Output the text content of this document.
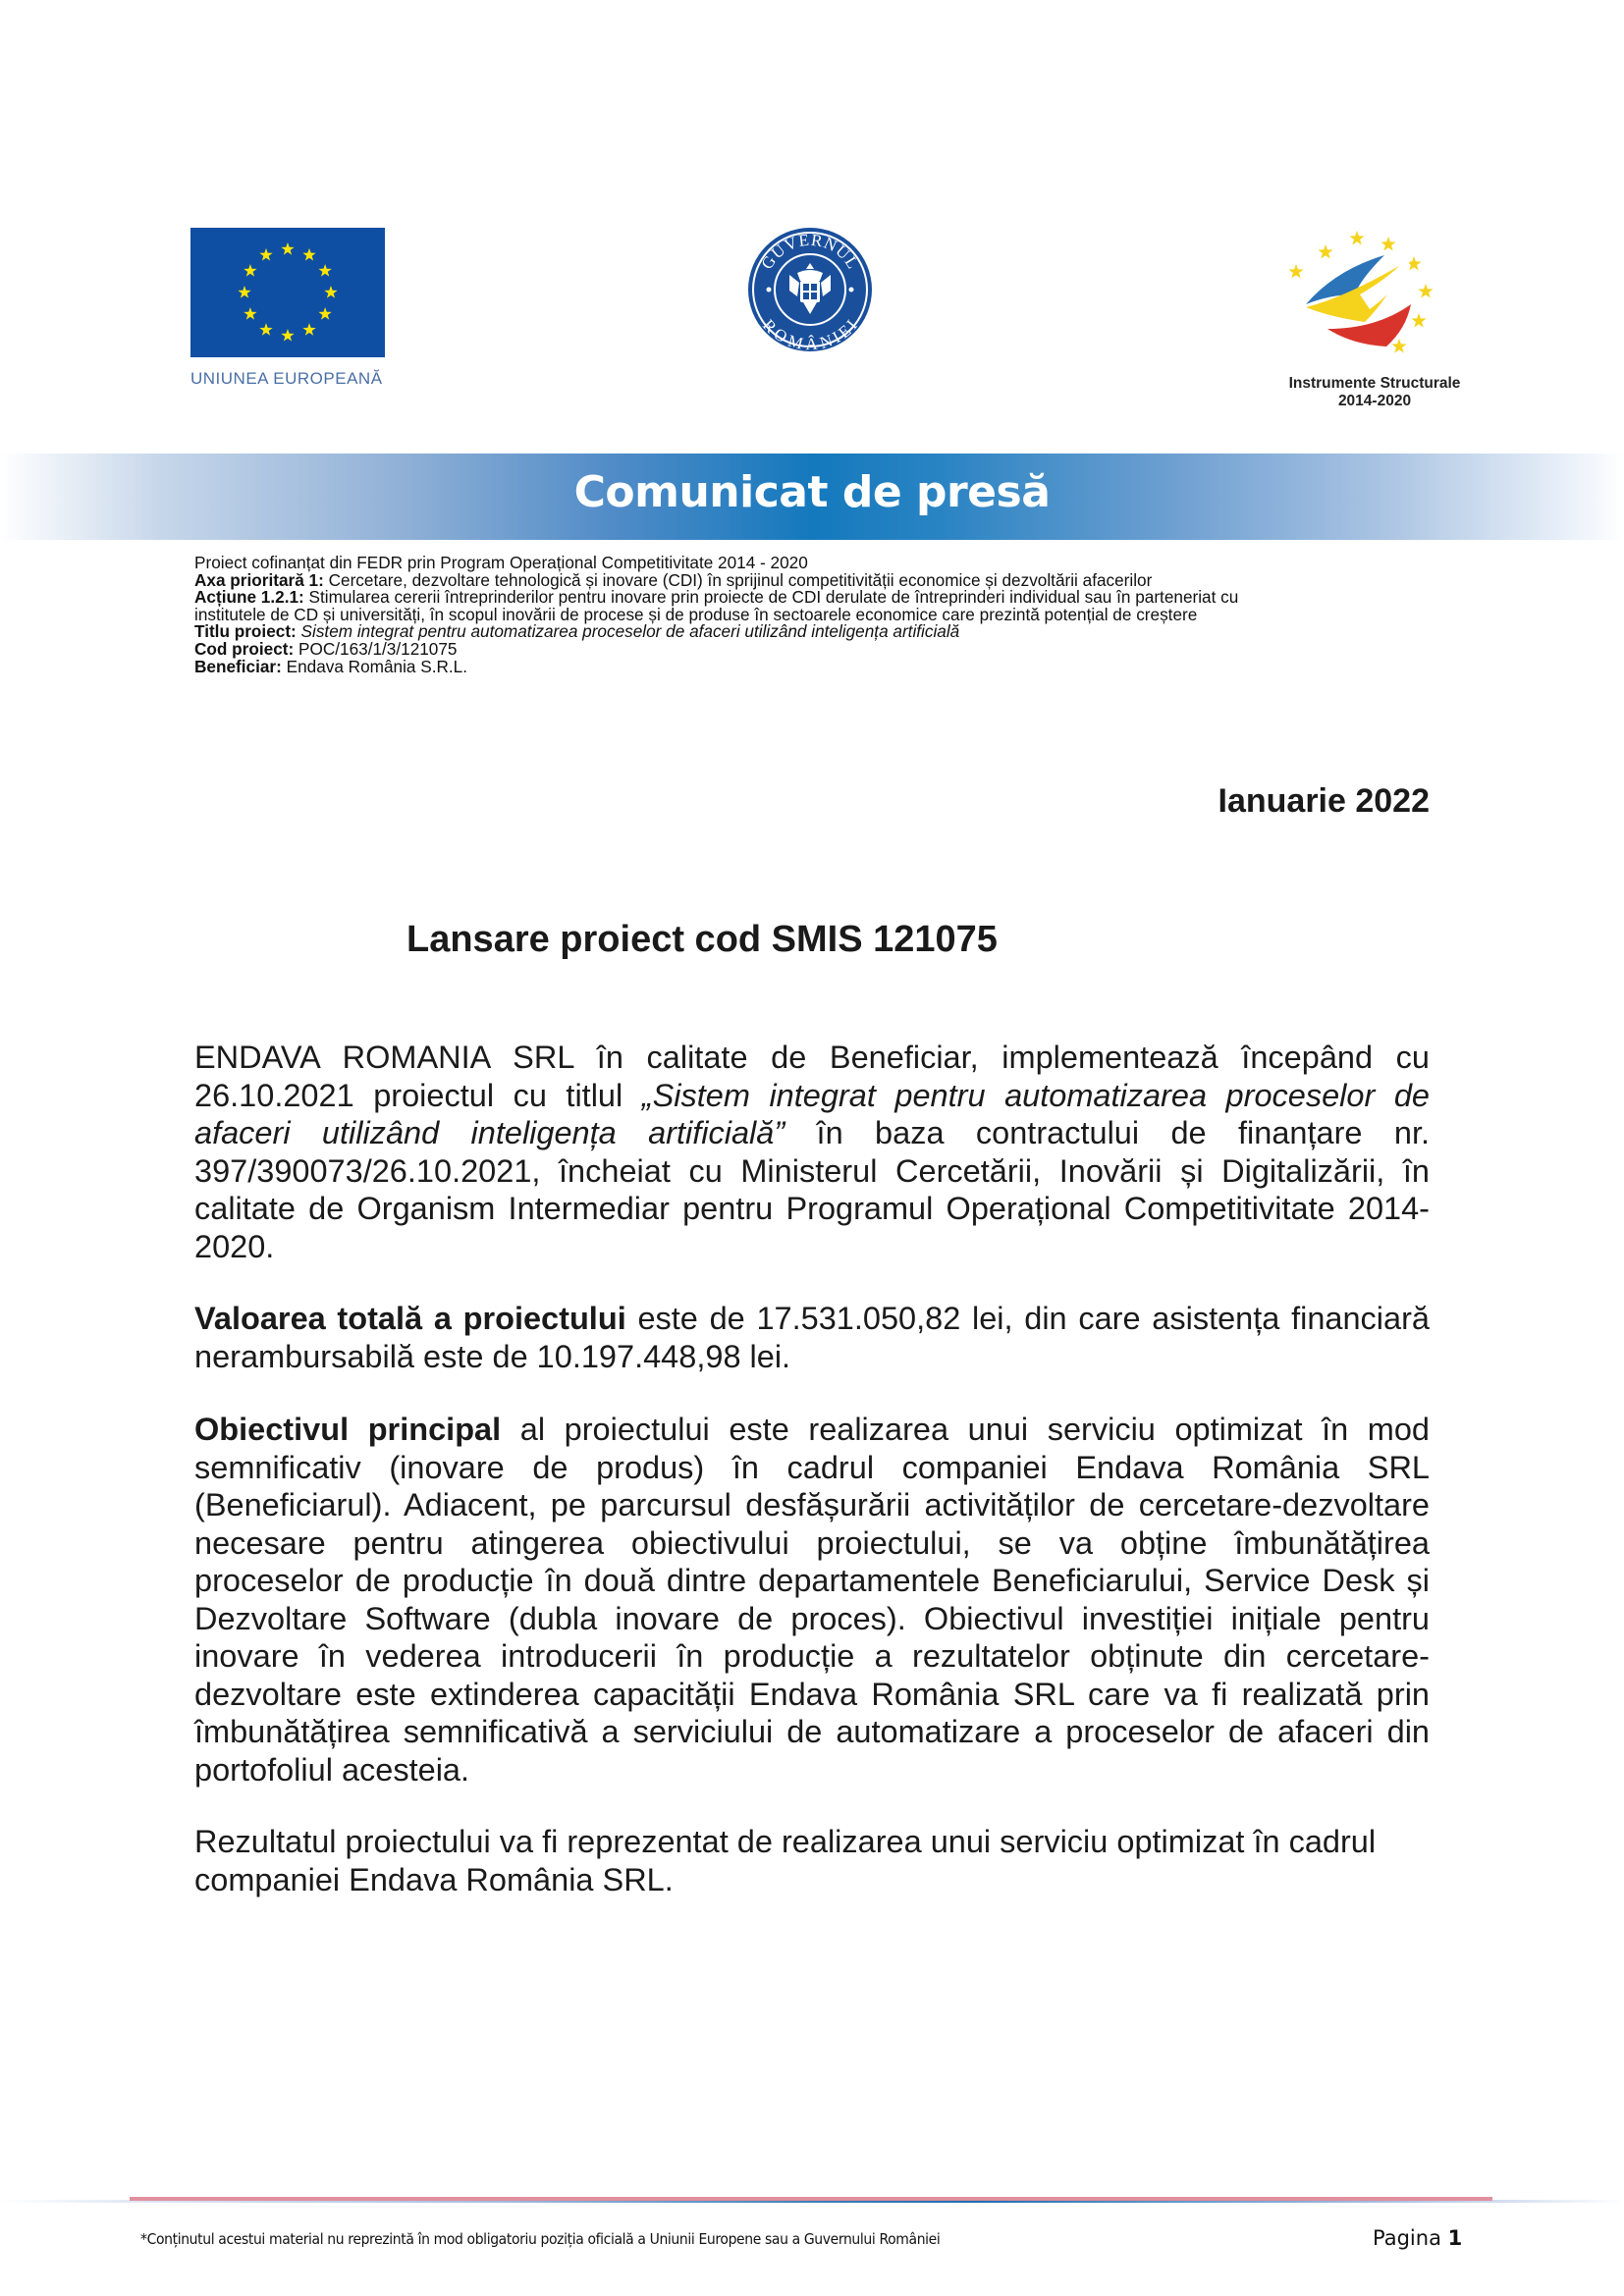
UNIUNEA EUROPEANĂ
GUVERNUL
ROMÂNIEI
Instrumente Structurale
2014-2020
Comunicat de presă
Proiect cofinanțat din FEDR prin Program Operațional Competitivitate 2014 - 2020
Axa prioritară 1: Cercetare, dezvoltare tehnologică și inovare (CDI) în sprijinul competitivității economice și dezvoltării afacerilor
Acțiune 1.2.1: Stimularea cererii întreprinderilor pentru inovare prin proiecte de CDI derulate de întreprinderi individual sau în parteneriat cu
institutele de CD și universități, în scopul inovării de procese și de produse în sectoarele economice care prezintă potențial de creștere
Titlu proiect: Sistem integrat pentru automatizarea proceselor de afaceri utilizând inteligența artificială
Cod proiect: POC/163/1/3/121075
Beneficiar: Endava România S.R.L.
Ianuarie 2022
Lansare proiect cod SMIS 121075
ENDAVA ROMANIA SRL în calitate de Beneficiar, implementează începând cu 26.10.2021 proiectul cu titlul „Sistem integrat pentru automatizarea proceselor de afaceri utilizând inteligența artificială” în baza contractului de finanțare nr. 397/390073/26.10.2021, încheiat cu Ministerul Cercetării, Inovării și Digitalizării, în calitate de Organism Intermediar pentru Programul Operațional Competitivitate 2014-2020.
Valoarea totală a proiectului este de 17.531.050,82 lei, din care asistența financiară nerambursabilă este de 10.197.448,98 lei.
Obiectivul principal al proiectului este realizarea unui serviciu optimizat în mod semnificativ (inovare de produs) în cadrul companiei Endava România SRL (Beneficiarul). Adiacent, pe parcursul desfășurării activităților de cercetare-dezvoltare necesare pentru atingerea obiectivului proiectului, se va obține îmbunătățirea proceselor de producție în două dintre departamentele Beneficiarului, Service Desk și Dezvoltare Software (dubla inovare de proces). Obiectivul investiției inițiale pentru inovare în vederea introducerii în producție a rezultatelor obținute din cercetare-dezvoltare este extinderea capacității Endava România SRL care va fi realizată prin îmbunătățirea semnificativă a serviciului de automatizare a proceselor de afaceri din portofoliul acesteia.
Rezultatul proiectului va fi reprezentat de realizarea unui serviciu optimizat în cadrul companiei Endava România SRL.
*Conținutul acestui material nu reprezintă în mod obligatoriu poziția oficială a Uniunii Europene sau a Guvernului României	Pagina 1
